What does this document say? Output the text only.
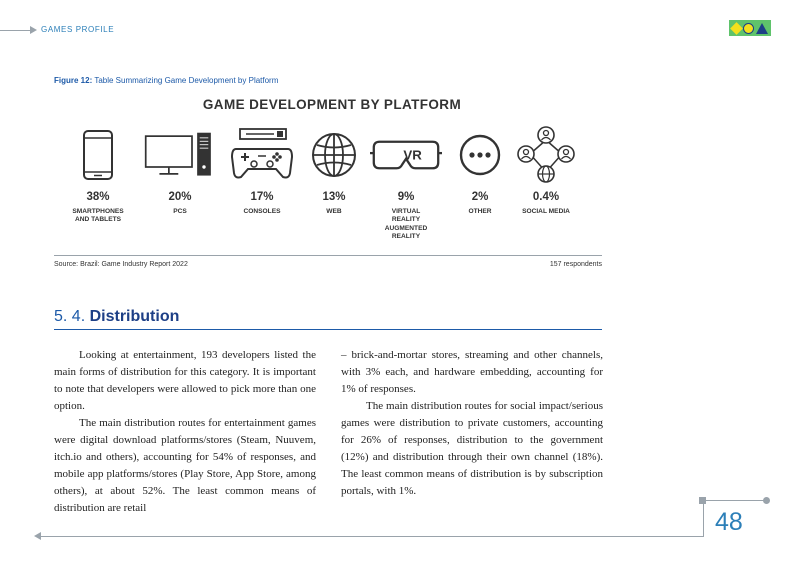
GAMES PROFILE
Figure 12: Table Summarizing Game Development by Platform
GAME DEVELOPMENT BY PLATFORM
38%
SMARTPHONES
AND TABLETS
20%
PCS
17%
CONSOLES
13%
WEB
VR
9%
VIRTUAL
REALITY
AUGMENTED
REALITY
2%
OTHER
0.4%
SOCIAL MEDIA
Source: Brazil: Game Industry Report 2022	157 respondents
5. 4. Distribution

Looking at entertainment, 193 developers listed the main forms of distribution for this category. It is important to note that developers were allowed to pick more than one option.

The main distribution routes for entertainment games were digital download platforms/stores (Steam, Nuuvem, itch.io and others), accounting for 54% of responses, and mobile app platforms/stores (Play Store, App Store, among others), at about 52%. The least common means of distribution are retail

– brick-and-mortar stores, streaming and other channels, with 3% each, and hardware embedding, accounting for 1% of responses.

The main distribution routes for social impact/serious games were distribution to private customers, accounting for 26% of responses, distribution to the government (12%) and distribution through their own channel (18%). The least common means of distribution is by subscription portals, with 1%.

48
